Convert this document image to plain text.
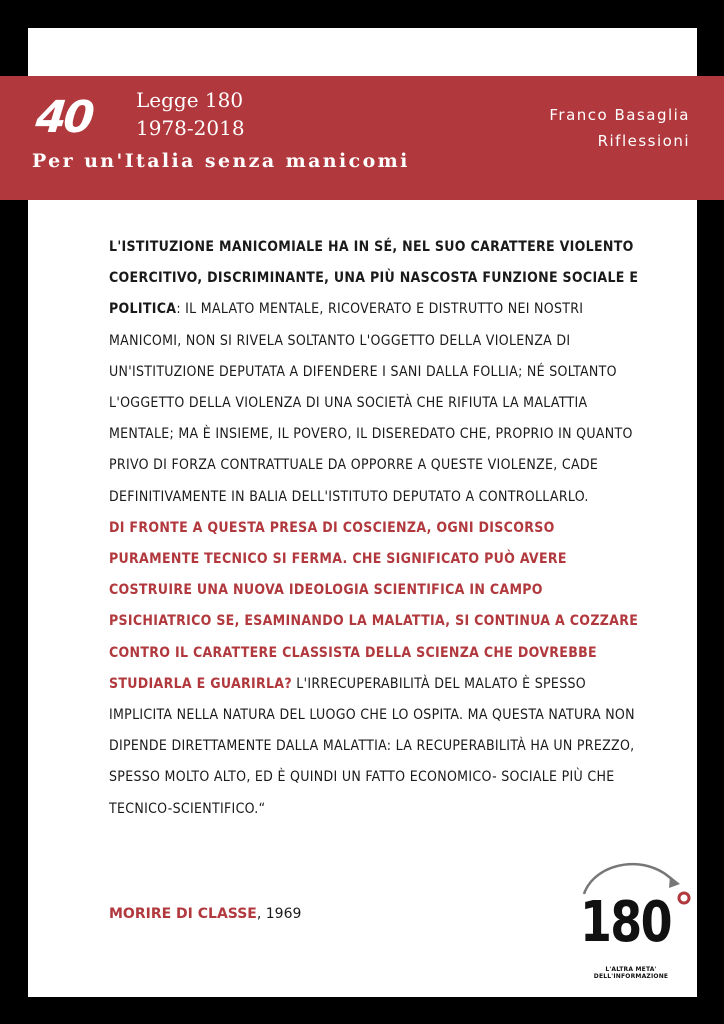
40 Legge 180
1978-2018
Per un'Italia senza manicomi
Franco Basaglia
Riflessioni

L'ISTITUZIONE MANICOMIALE HA IN SÉ, NEL SUO CARATTERE VIOLENTO COERCITIVO, DISCRIMINANTE, UNA PIÙ NASCOSTA FUNZIONE SOCIALE E POLITICA: IL MALATO MENTALE, RICOVERATO E DISTRUTTO NEI NOSTRI MANICOMI, NON SI RIVELA SOLTANTO L'OGGETTO DELLA VIOLENZA DI UN'ISTITUZIONE DEPUTATA A DIFENDERE I SANI DALLA FOLLIA; NÉ SOLTANTO L'OGGETTO DELLA VIOLENZA DI UNA SOCIETÀ CHE RIFIUTA LA MALATTIA MENTALE; MA È INSIEME, IL POVERO, IL DISEREDATO CHE, PROPRIO IN QUANTO PRIVO DI FORZA CONTRATTUALE DA OPPORRE A QUESTE VIOLENZE, CADE DEFINITIVAMENTE IN BALIA DELL'ISTITUTO DEPUTATO A CONTROLLARLO.
DI FRONTE A QUESTA PRESA DI COSCIENZA, OGNI DISCORSO PURAMENTE TECNICO SI FERMA. CHE SIGNIFICATO PUÒ AVERE COSTRUIRE UNA NUOVA IDEOLOGIA SCIENTIFICA IN CAMPO PSICHIATRICO SE, ESAMINANDO LA MALATTIA, SI CONTINUA A COZZARE CONTRO IL CARATTERE CLASSISTA DELLA SCIENZA CHE DOVREBBE STUDIARLA E GUARIRLA? L'IRRECUPERABILITÀ DEL MALATO È SPESSO IMPLICITA NELLA NATURA DEL LUOGO CHE LO OSPITA. MA QUESTA NATURA NON DIPENDE DIRETTAMENTE DALLA MALATTIA: LA RECUPERABILITÀ HA UN PREZZO, SPESSO MOLTO ALTO, ED È QUINDI UN FATTO ECONOMICO- SOCIALE PIÙ CHE TECNICO-SCIENTIFICO.“

MORIRE DI CLASSE, 1969	180
L'ALTRA META' DELL'INFORMAZIONE
